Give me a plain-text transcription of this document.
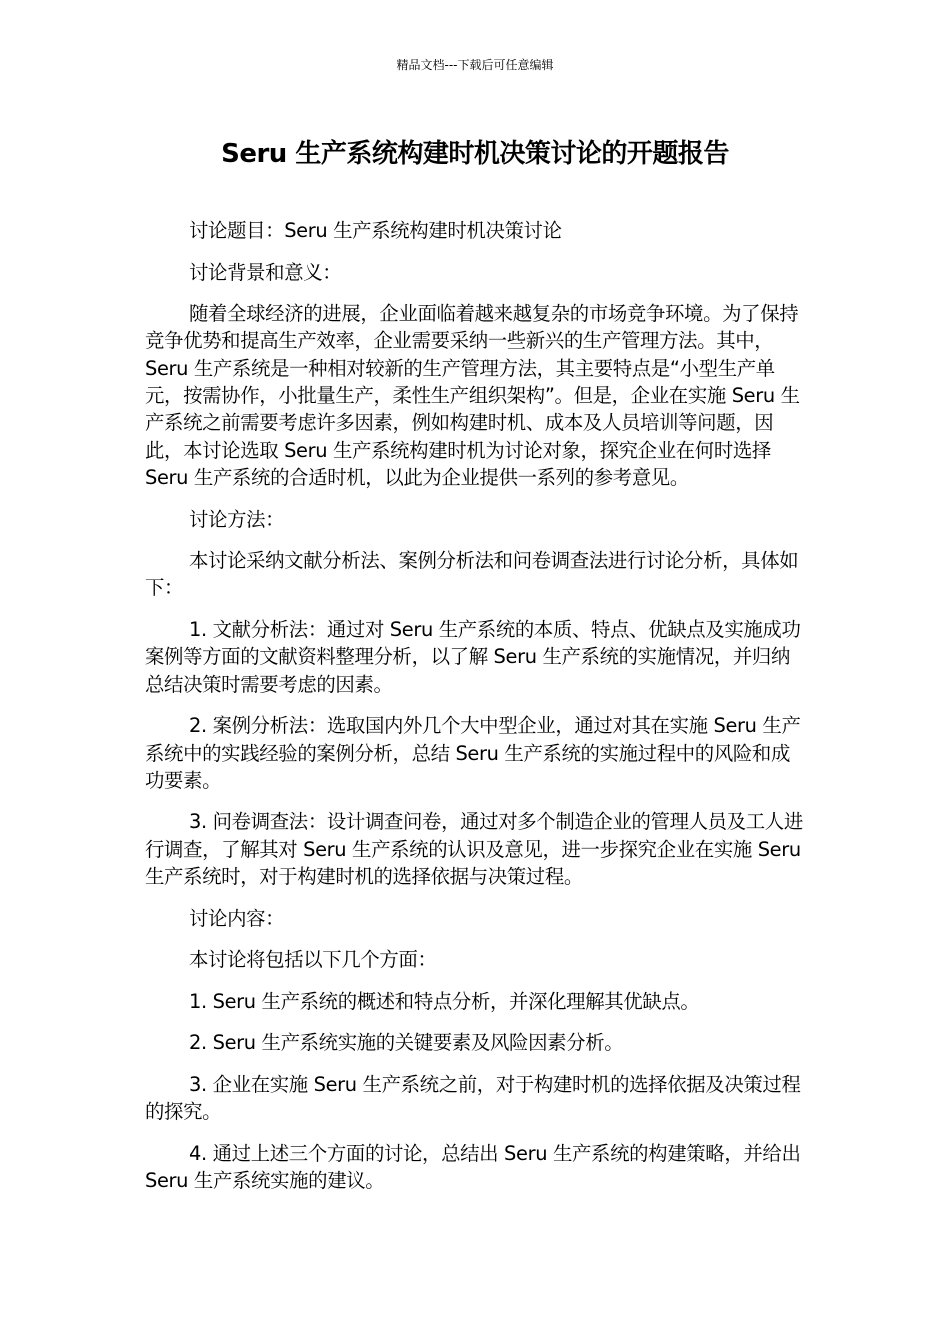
精品文档---下载后可任意编辑
Seru 生产系统构建时机决策讨论的开题报告

讨论题目：Seru 生产系统构建时机决策讨论

讨论背景和意义：

随着全球经济的进展，企业面临着越来越复杂的市场竞争环境。为了保持竞争优势和提高生产效率，企业需要采纳一些新兴的生产管理方法。其中，Seru 生产系统是一种相对较新的生产管理方法，其主要特点是“小型生产单元，按需协作，小批量生产，柔性生产组织架构”。但是，企业在实施 Seru 生产系统之前需要考虑许多因素，例如构建时机、成本及人员培训等问题，因此，本讨论选取 Seru 生产系统构建时机为讨论对象，探究企业在何时选择 Seru 生产系统的合适时机，以此为企业提供一系列的参考意见。

讨论方法：

本讨论采纳文献分析法、案例分析法和问卷调查法进行讨论分析，具体如下：

1. 文献分析法：通过对 Seru 生产系统的本质、特点、优缺点及实施成功案例等方面的文献资料整理分析，以了解 Seru 生产系统的实施情况，并归纳总结决策时需要考虑的因素。

2. 案例分析法：选取国内外几个大中型企业，通过对其在实施 Seru 生产系统中的实践经验的案例分析，总结 Seru 生产系统的实施过程中的风险和成功要素。

3. 问卷调查法：设计调查问卷，通过对多个制造企业的管理人员及工人进行调查，了解其对 Seru 生产系统的认识及意见，进一步探究企业在实施 Seru 生产系统时，对于构建时机的选择依据与决策过程。

讨论内容：

本讨论将包括以下几个方面：

1. Seru 生产系统的概述和特点分析，并深化理解其优缺点。

2. Seru 生产系统实施的关键要素及风险因素分析。

3. 企业在实施 Seru 生产系统之前，对于构建时机的选择依据及决策过程的探究。

4. 通过上述三个方面的讨论，总结出 Seru 生产系统的构建策略，并给出 Seru 生产系统实施的建议。
